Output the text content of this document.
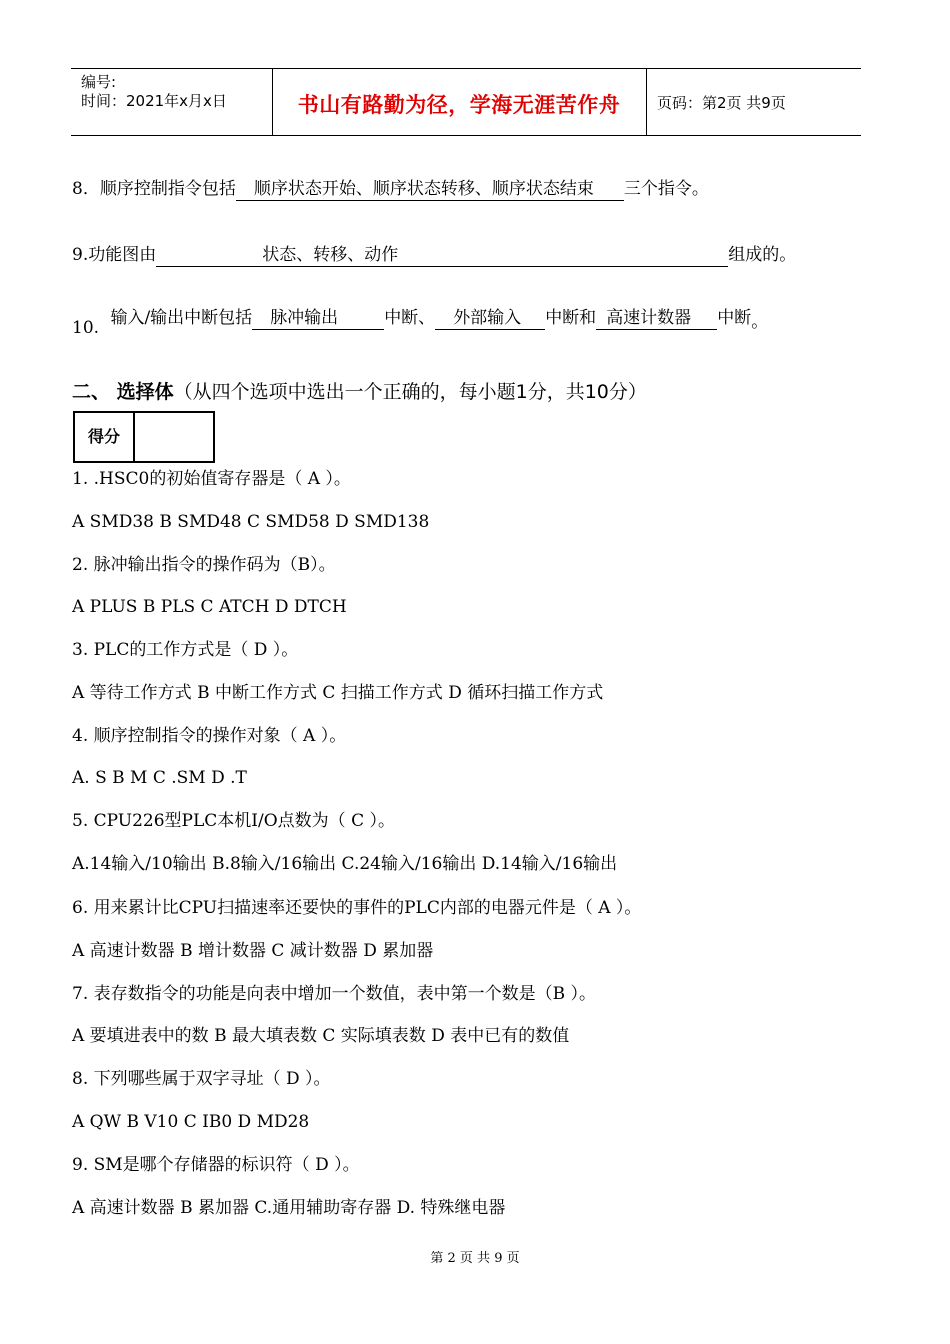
编号:
时间：2021年x月x日	书山有路勤为径，学海无涯苦作舟	页码：第2页 共9页
8．顺序控制指令包括 顺序状态开始、顺序状态转移、顺序状态结束 三个指令。
9.功能图由	状态、转移、动作	组成的。
10. 输入/输出中断包括 脉冲输出	中断、 外部输入 中断和 高速计数器 中断。
二、 选择体（从四个选项中选出一个正确的，每小题1分，共10分）
得分
1. .HSC0的初始值寄存器是（ A ）。
A SMD38 B SMD48 C SMD58 D SMD138
2. 脉冲输出指令的操作码为（B）。
A PLUS B PLS C ATCH D DTCH
3. PLC的工作方式是（ D ）。
A 等待工作方式 B 中断工作方式 C 扫描工作方式 D 循环扫描工作方式
4. 顺序控制指令的操作对象（ A ）。
A. S B M C .SM D .T
5. CPU226型PLC本机I/O点数为（ C ）。
A.14输入/10输出 B.8输入/16输出 C.24输入/16输出 D.14输入/16输出
6. 用来累计比CPU扫描速率还要快的事件的PLC内部的电器元件是（ A ）。
A 高速计数器 B 增计数器 C 减计数器 D 累加器
7. 表存数指令的功能是向表中增加一个数值，表中第一个数是（B ）。
A 要填进表中的数 B 最大填表数 C 实际填表数 D 表中已有的数值
8. 下列哪些属于双字寻址（ D ）。
A QW B V10 C IB0 D MD28
9. SM是哪个存储器的标识符（ D ）。
A 高速计数器 B 累加器 C.通用辅助寄存器 D. 特殊继电器
第 2 页 共 9 页
